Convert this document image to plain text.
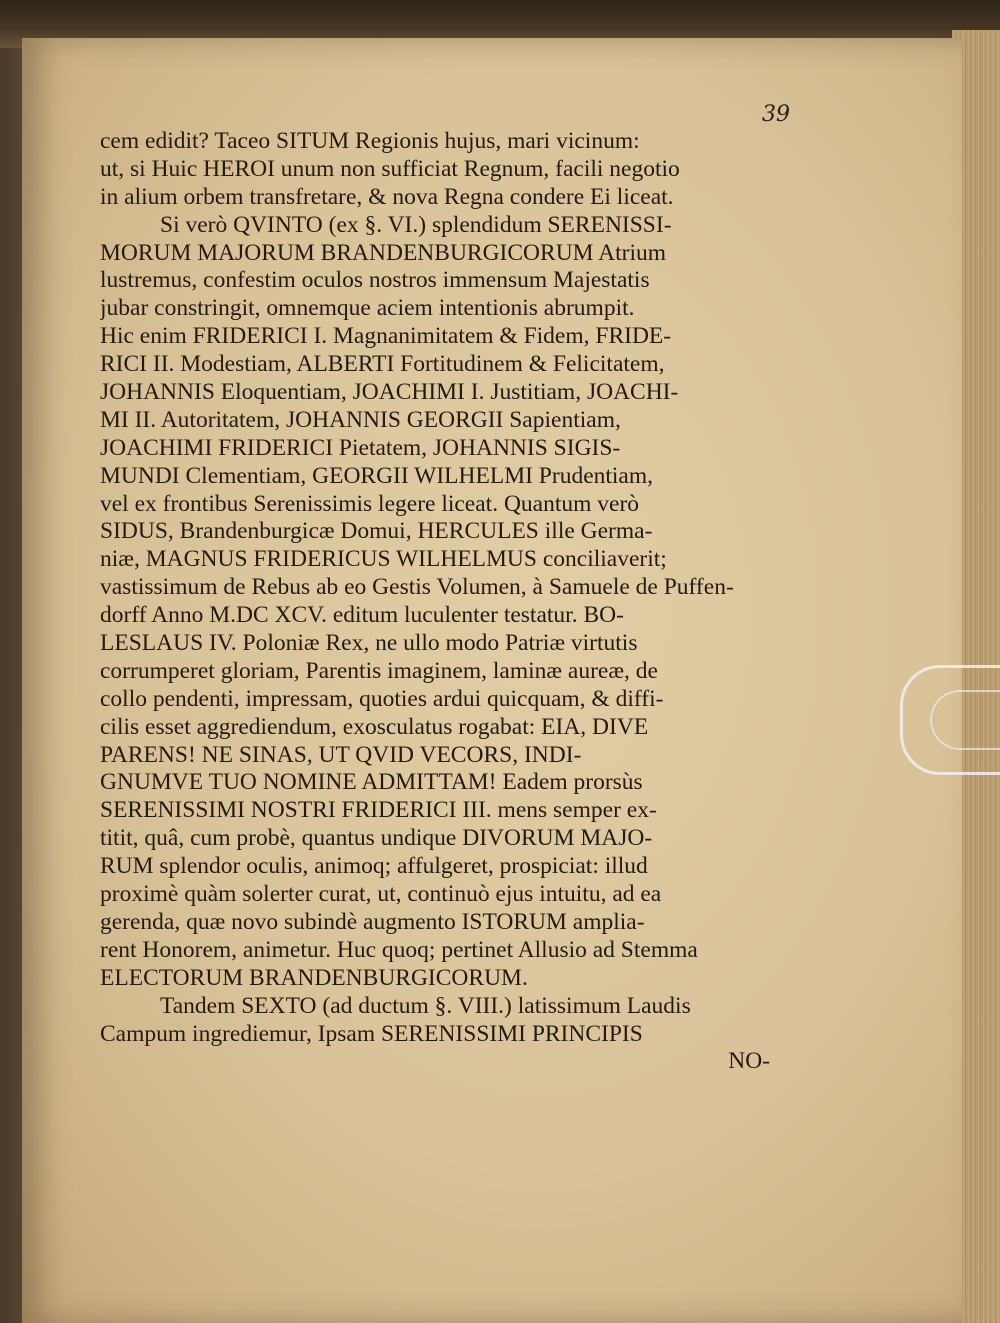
39
cem edidit? Taceo SITUM Regionis hujus, mari vicinum:
ut, si Huic HEROI unum non sufficiat Regnum, facili negotio
in alium orbem transfretare, & nova Regna condere Ei liceat.
Si verò QVINTO (ex §. VI.) splendidum SERENISSI-
MORUM MAJORUM BRANDENBURGICORUM Atrium
lustremus, confestim oculos nostros immensum Majestatis
jubar constringit, omnemque aciem intentionis abrumpit.
Hic enim FRIDERICI I. Magnanimitatem & Fidem, FRIDE-
RICI II. Modestiam, ALBERTI Fortitudinem & Felicitatem,
JOHANNIS Eloquentiam, JOACHIMI I. Justitiam, JOACHI-
MI II. Autoritatem, JOHANNIS GEORGII Sapientiam,
JOACHIMI FRIDERICI Pietatem, JOHANNIS SIGIS-
MUNDI Clementiam, GEORGII WILHELMI Prudentiam,
vel ex frontibus Serenissimis legere liceat. Quantum verò
SIDUS, Brandenburgicæ Domui, HERCULES ille Germa-
niæ, MAGNUS FRIDERICUS WILHELMUS conciliaverit;
vastissimum de Rebus ab eo Gestis Volumen, à Samuele de Puffen-
dorff Anno M.DC XCV. editum luculenter testatur. BO-
LESLAUS IV. Poloniæ Rex, ne ullo modo Patriæ virtutis
corrumperet gloriam, Parentis imaginem, laminæ aureæ, de
collo pendenti, impressam, quoties ardui quicquam, & diffi-
cilis esset aggrediendum, exosculatus rogabat: EIA, DIVE
PARENS! NE SINAS, UT QVID VECORS, INDI-
GNUMVE TUO NOMINE ADMITTAM! Eadem prorsùs
SERENISSIMI NOSTRI FRIDERICI III. mens semper ex-
titit, quâ, cum probè, quantus undique DIVORUM MAJO-
RUM splendor oculis, animoq; affulgeret, prospiciat: illud
proximè quàm solerter curat, ut, continuò ejus intuitu, ad ea
gerenda, quæ novo subindè augmento ISTORUM amplia-
rent Honorem, animetur. Huc quoq; pertinet Allusio ad Stemma
ELECTORUM BRANDENBURGICORUM.
Tandem SEXTO (ad ductum §. VIII.) latissimum Laudis
Campum ingrediemur, Ipsam SERENISSIMI PRINCIPIS
NO-
